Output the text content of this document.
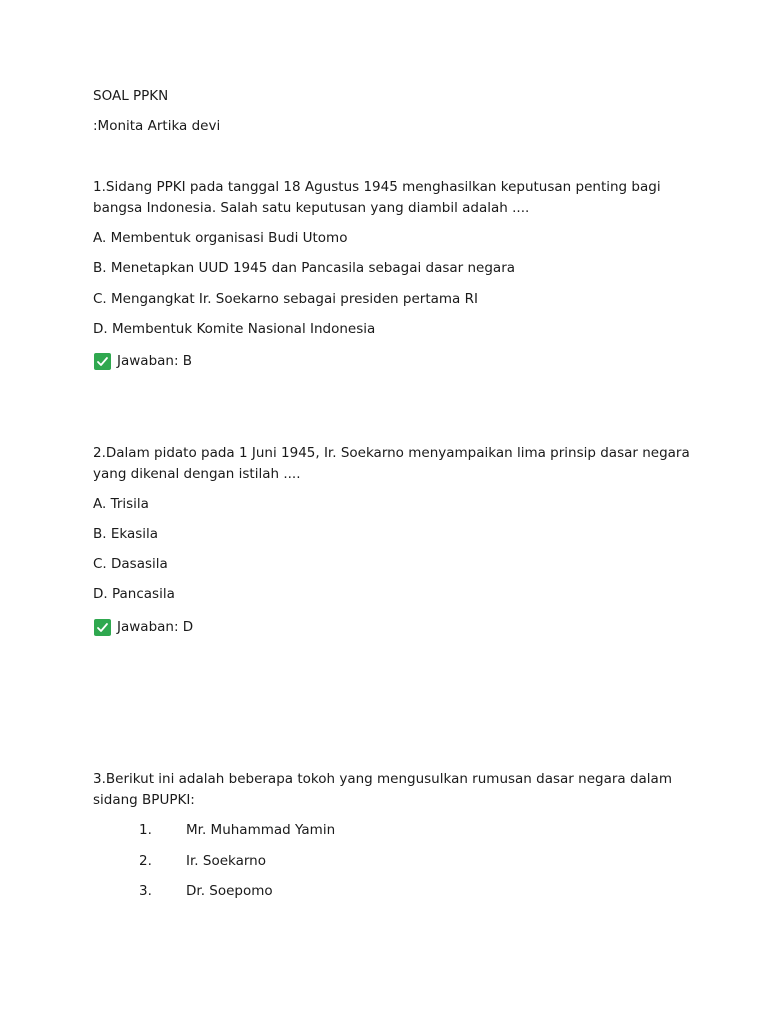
SOAL PPKN
:Monita Artika devi
1.Sidang PPKI pada tanggal 18 Agustus 1945 menghasilkan keputusan penting bagi bangsa Indonesia. Salah satu keputusan yang diambil adalah ....
A. Membentuk organisasi Budi Utomo
B. Menetapkan UUD 1945 dan Pancasila sebagai dasar negara
C. Mengangkat Ir. Soekarno sebagai presiden pertama RI
D. Membentuk Komite Nasional Indonesia
Jawaban: B
2.Dalam pidato pada 1 Juni 1945, Ir. Soekarno menyampaikan lima prinsip dasar negara yang dikenal dengan istilah ....
A. Trisila
B. Ekasila
C. Dasasila
D. Pancasila
Jawaban: D
3.Berikut ini adalah beberapa tokoh yang mengusulkan rumusan dasar negara dalam sidang BPUPKI:
1.	Mr. Muhammad Yamin
2.	Ir. Soekarno
3.	Dr. Soepomo
